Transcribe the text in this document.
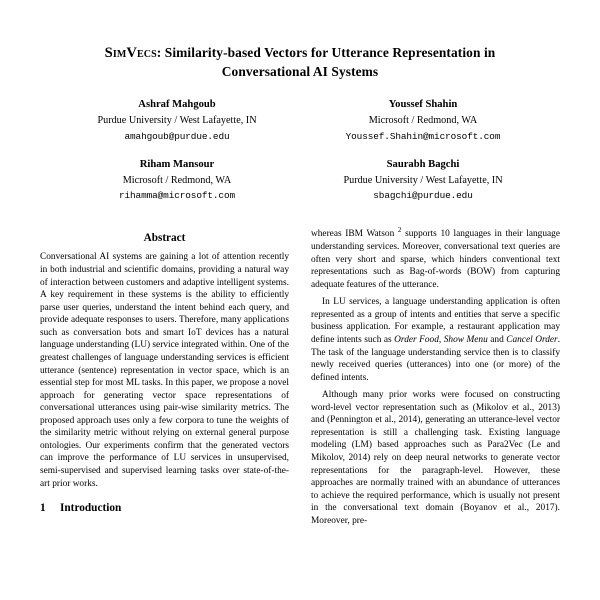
SimVecs: Similarity-based Vectors for Utterance Representation in
Conversational AI Systems
Ashraf Mahgoub
Purdue University / West Lafayette, IN
amahgoub@purdue.edu
Youssef Shahin
Microsoft / Redmond, WA
Youssef.Shahin@microsoft.com
Riham Mansour
Microsoft / Redmond, WA
rihamma@microsoft.com
Saurabh Bagchi
Purdue University / West Lafayette, IN
sbagchi@purdue.edu
Abstract

Conversational AI systems are gaining a lot of attention recently in both industrial and scientific domains, providing a natural way of interaction between customers and adaptive intelligent systems. A key requirement in these systems is the ability to efficiently parse user queries, understand the intent behind each query, and provide adequate responses to users. Therefore, many applications such as conversation bots and smart IoT devices has a natural language understanding (LU) service integrated within. One of the greatest challenges of language understanding services is efficient utterance (sentence) representation in vector space, which is an essential step for most ML tasks. In this paper, we propose a novel approach for generating vector space representations of conversational utterances using pair-wise similarity metrics. The proposed approach uses only a few corpora to tune the weights of the similarity metric without relying on external general purpose ontologies. Our experiments confirm that the generated vectors can improve the performance of LU services in unsupervised, semi-supervised and supervised learning tasks over state-of-the-art prior works.

1	Introduction

whereas IBM Watson $^2$ supports 10 languages in their language understanding services. Moreover, conversational text queries are often very short and sparse, which hinders conventional text representations such as Bag-of-words (BOW) from capturing adequate features of the utterance.

In LU services, a language understanding application is often represented as a group of intents and entities that serve a specific business application. For example, a restaurant application may define intents such as Order Food, Show Menu and Cancel Order. The task of the language understanding service then is to classify newly received queries (utterances) into one (or more) of the defined intents.

Although many prior works were focused on constructing word-level vector representation such as (Mikolov et al., 2013) and (Pennington et al., 2014), generating an utterance-level vector representation is still a challenging task. Existing language modeling (LM) based approaches such as Para2Vec (Le and Mikolov, 2014) rely on deep neural networks to generate vector representations for the paragraph-level. However, these approaches are normally trained with an abundance of utterances to achieve the required performance, which is usually not present in the conversational text domain (Boyanov et al., 2017). Moreover, pre-
